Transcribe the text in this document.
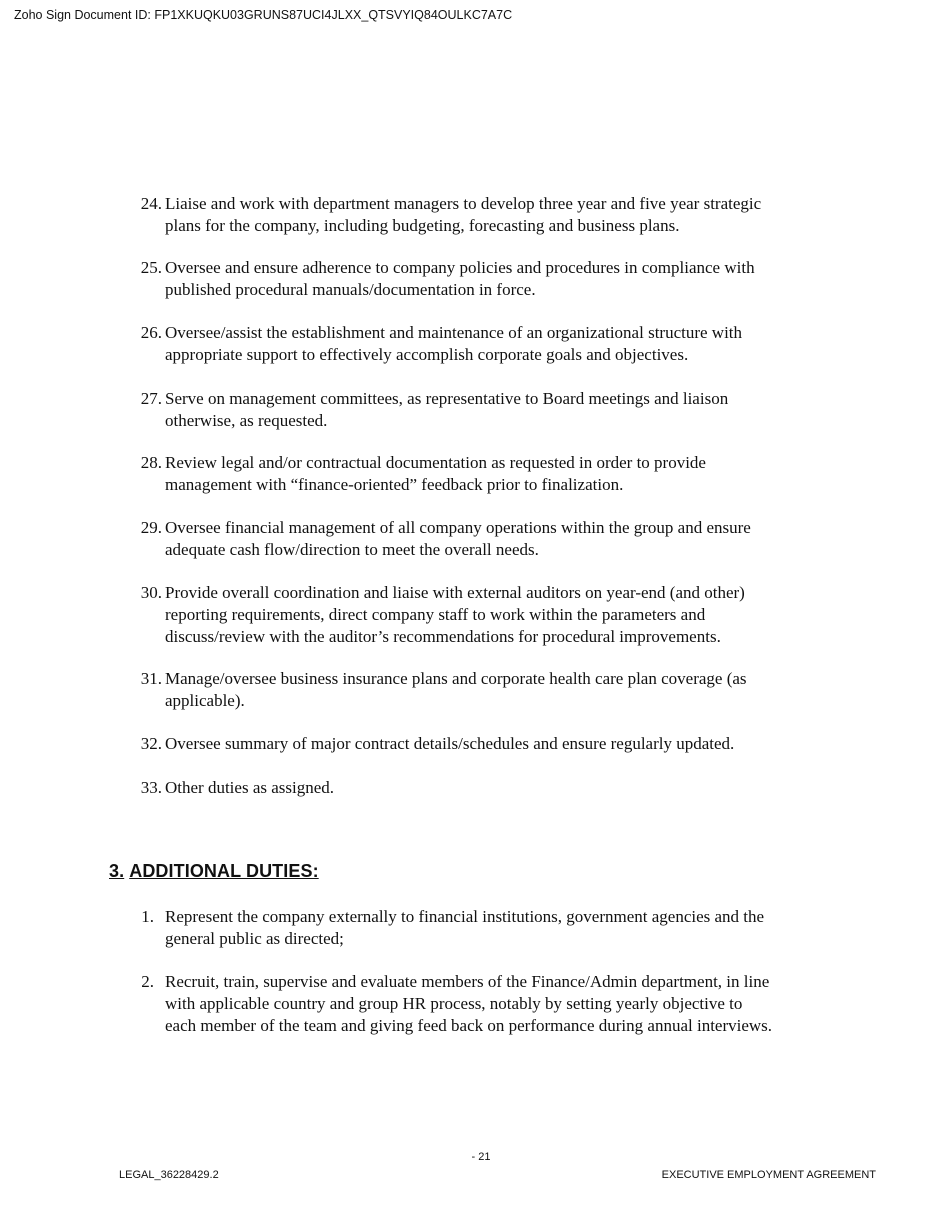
Zoho Sign Document ID: FP1XKUQKU03GRUNS87UCI4JLXX_QTSVYIQ84OULKC7A7C
24. Liaise and work with department managers to develop three year and five year strategic
plans for the company, including budgeting, forecasting and business plans.
25. Oversee and ensure adherence to company policies and procedures in compliance with
published procedural manuals/documentation in force.
26. Oversee/assist the establishment and maintenance of an organizational structure with
appropriate support to effectively accomplish corporate goals and objectives.
27. Serve on management committees, as representative to Board meetings and liaison
otherwise, as requested.
28. Review legal and/or contractual documentation as requested in order to provide
management with “finance-oriented” feedback prior to finalization.
29. Oversee financial management of all company operations within the group and ensure
adequate cash flow/direction to meet the overall needs.
30. Provide overall coordination and liaise with external auditors on year-end (and other)
reporting requirements, direct company staff to work within the parameters and
discuss/review with the auditor’s recommendations for procedural improvements.
31. Manage/oversee business insurance plans and corporate health care plan coverage (as
applicable).
32. Oversee summary of major contract details/schedules and ensure regularly updated.
33. Other duties as assigned.
3. ADDITIONAL DUTIES:
1. Represent the company externally to financial institutions, government agencies and the
general public as directed;
2. Recruit, train, supervise and evaluate members of the Finance/Admin department, in line
with applicable country and group HR process, notably by setting yearly objective to
each member of the team and giving feed back on performance during annual interviews.
- 21
LEGAL_36228429.2	EXECUTIVE EMPLOYMENT AGREEMENT
